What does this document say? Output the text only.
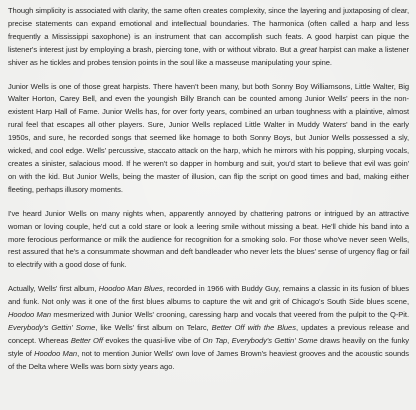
Though simplicity is associated with clarity, the same often creates complexity, since the layering and juxtaposing of clear, precise statements can expand emotional and intellectual boundaries. The harmonica (often called a harp and less frequently a Mississippi saxophone) is an instrument that can accomplish such feats. A good harpist can pique the listener's interest just by employing a brash, piercing tone, with or without vibrato. But a great harpist can make a listener shiver as he tickles and probes tension points in the soul like a masseuse manipulating your spine.

Junior Wells is one of those great harpists. There haven't been many, but both Sonny Boy Williamsons, Little Walter, Big Walter Horton, Carey Bell, and even the youngish Billy Branch can be counted among Junior Wells' peers in the non-existent Harp Hall of Fame. Junior Wells has, for over forty years, combined an urban toughness with a plaintive, almost rural feel that escapes all other players. Sure, Junior Wells replaced Little Walter in Muddy Waters' band in the early 1950s, and sure, he recorded songs that seemed like homage to both Sonny Boys, but Junior Wells possessed a sly, wicked, and cool edge. Wells' percussive, staccato attack on the harp, which he mirrors with his popping, slurping vocals, creates a sinister, salacious mood. If he weren't so dapper in homburg and suit, you'd start to believe that evil was goin' on with the kid. But Junior Wells, being the master of illusion, can flip the script on good times and bad, making either fleeting, perhaps illusory moments.

I've heard Junior Wells on many nights when, apparently annoyed by chattering patrons or intrigued by an attractive woman or loving couple, he'd cut a cold stare or look a leering smile without missing a beat. He'll chide his band into a more ferocious performance or milk the audience for recognition for a smoking solo. For those who've never seen Wells, rest assured that he's a consummate showman and deft bandleader who never lets the blues' sense of urgency flag or fail to electrify with a good dose of funk.

Actually, Wells' first album, Hoodoo Man Blues, recorded in 1966 with Buddy Guy, remains a classic in its fusion of blues and funk. Not only was it one of the first blues albums to capture the wit and grit of Chicago's South Side blues scene, Hoodoo Man mesmerized with Junior Wells' crooning, caressing harp and vocals that veered from the pulpit to the Q-Pit. Everybody's Gettin' Some, like Wells' first album on Telarc, Better Off with the Blues, updates a previous release and concept. Whereas Better Off evokes the quasi-live vibe of On Tap, Everybody's Gettin' Some draws heavily on the funky style of Hoodoo Man, not to mention Junior Wells' own love of James Brown's heaviest grooves and the acoustic sounds of the Delta where Wells was born sixty years ago.
